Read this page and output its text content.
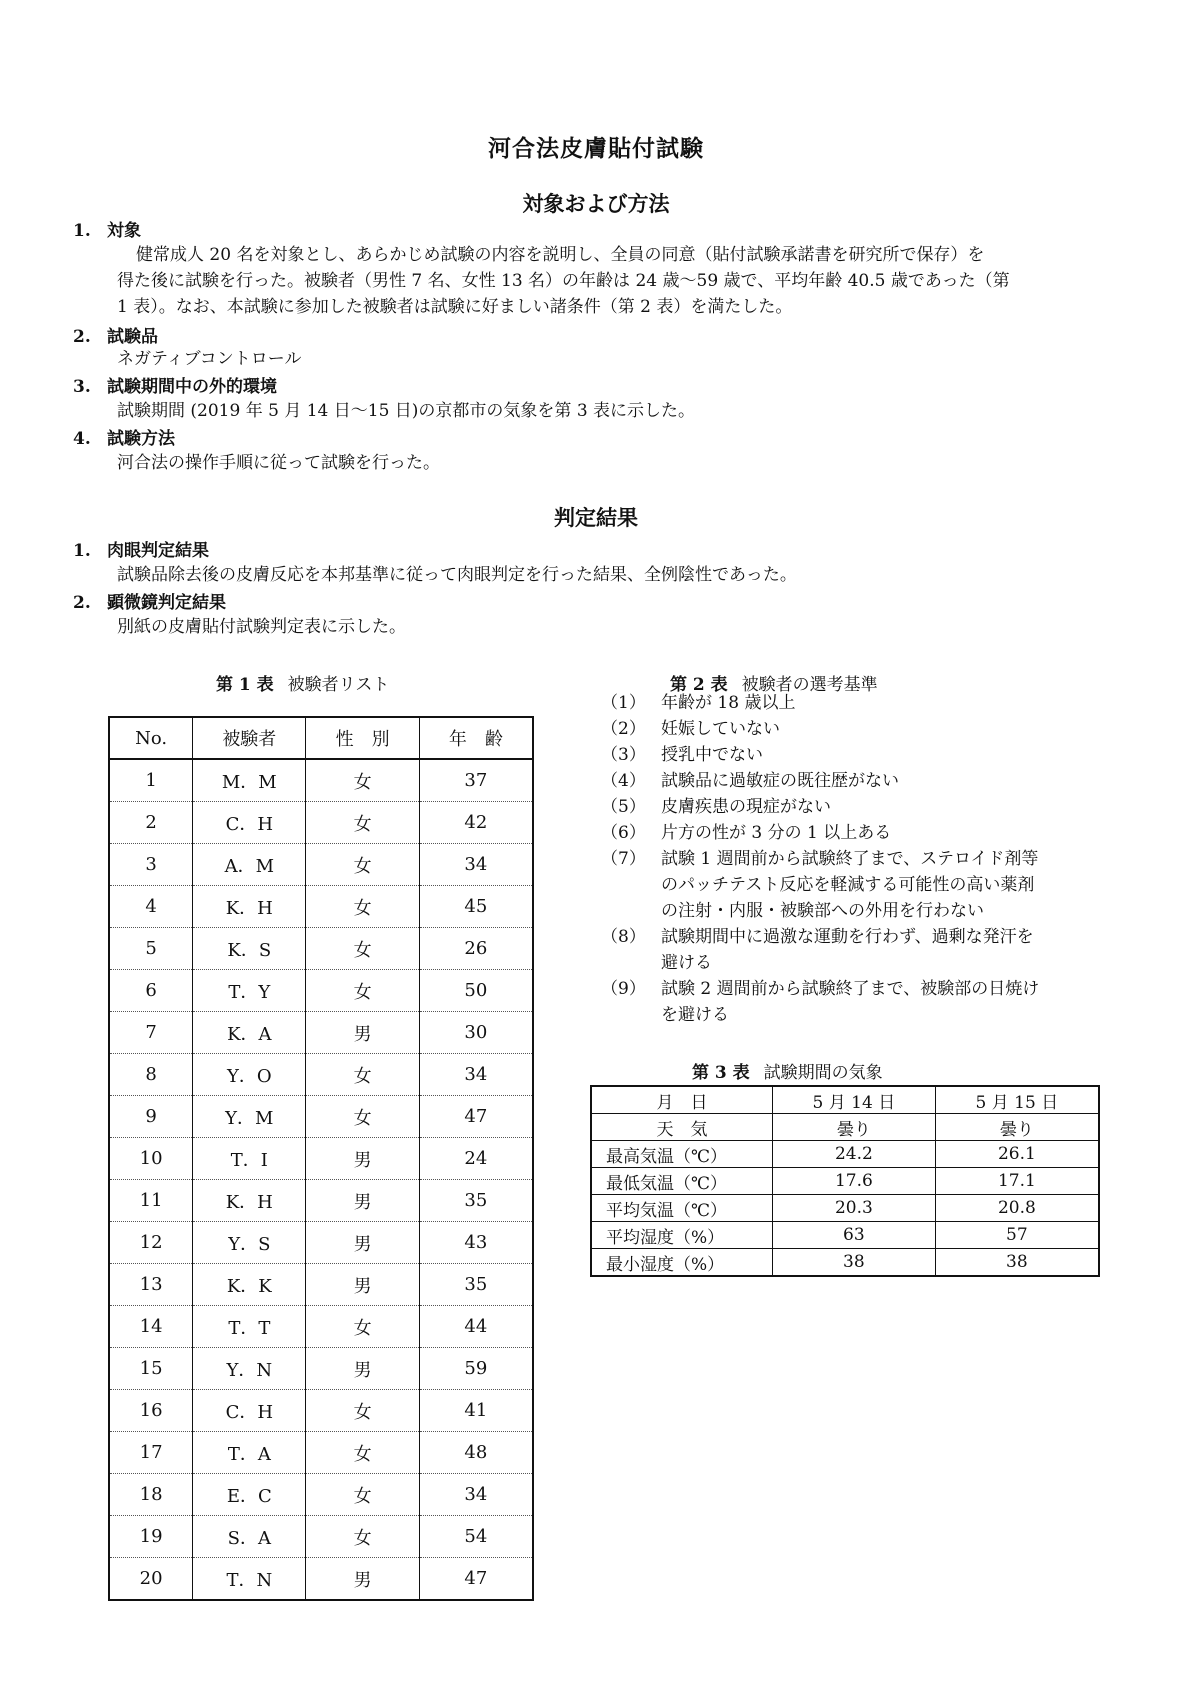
河合法皮膚貼付試験
対象および方法
1. 対象
健常成人 20 名を対象とし、あらかじめ試験の内容を説明し、全員の同意（貼付試験承諾書を研究所で保存）を
得た後に試験を行った。被験者（男性 7 名、女性 13 名）の年齢は 24 歳〜59 歳で、平均年齢 40.5 歳であった（第
1 表）。なお、本試験に参加した被験者は試験に好ましい諸条件（第 2 表）を満たした。
2. 試験品
ネガティブコントロール
3. 試験期間中の外的環境
試験期間 (2019 年 5 月 14 日〜15 日)の京都市の気象を第 3 表に示した。
4. 試験方法
河合法の操作手順に従って試験を行った。
判定結果
1. 肉眼判定結果
試験品除去後の皮膚反応を本邦基準に従って肉眼判定を行った結果、全例陰性であった。
2. 顕微鏡判定結果
別紙の皮膚貼付試験判定表に示した。
第 1 表 被験者リスト
No.	被験者	性　別	年　齢
1	M．M	女	37
2	C．H	女	42
3	A．M	女	34
4	K．H	女	45
5	K．S	女	26
6	T．Y	女	50
7	K．A	男	30
8	Y．O	女	34
9	Y．M	女	47
10	T．I	男	24
11	K．H	男	35
12	Y．S	男	43
13	K．K	男	35
14	T．T	女	44
15	Y．N	男	59
16	C．H	女	41
17	T．A	女	48
18	E．C	女	34
19	S．A	女	54
20	T．N	男	47
第 2 表 被験者の選考基準
（1） 年齢が 18 歳以上
（2） 妊娠していない
（3） 授乳中でない
（4） 試験品に過敏症の既往歴がない
（5） 皮膚疾患の現症がない
（6） 片方の性が 3 分の 1 以上ある
（7） 試験 1 週間前から試験終了まで、ステロイド剤等
のパッチテスト反応を軽減する可能性の高い薬剤
の注射・内服・被験部への外用を行わない
（8） 試験期間中に過激な運動を行わず、過剰な発汗を
避ける
（9） 試験 2 週間前から試験終了まで、被験部の日焼け
を避ける
第 3 表 試験期間の気象
月　日	5 月 14 日	5 月 15 日
天　気	曇り	曇り
最高気温（℃）	24.2	26.1
最低気温（℃）	17.6	17.1
平均気温（℃）	20.3	20.8
平均湿度（%）	63	57
最小湿度（%）	38	38
